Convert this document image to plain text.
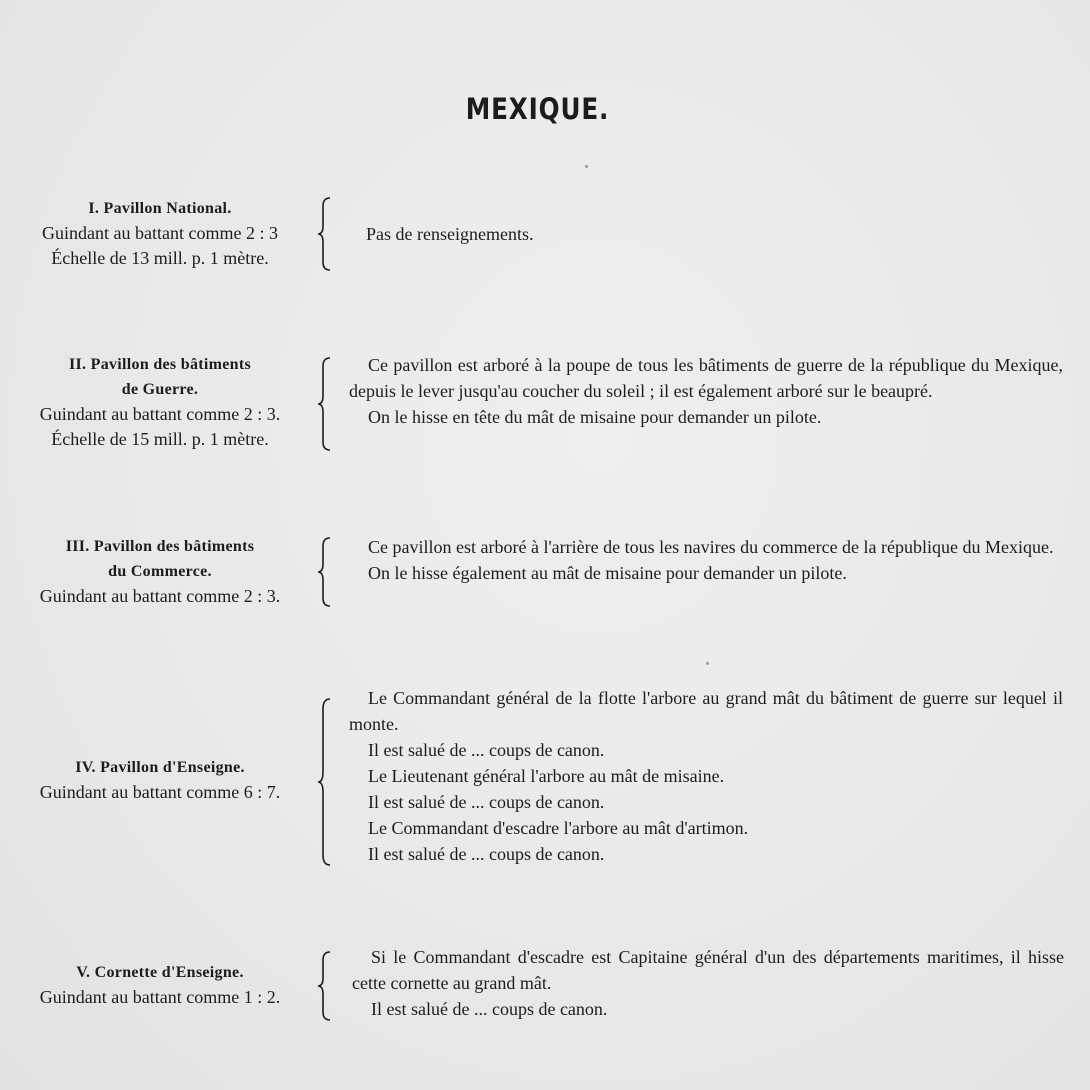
MEXIQUE.
I. Pavillon National.
Guindant au battant comme 2 : 3
Échelle de 13 mill. p. 1 mètre.

Pas de renseignements.

II. Pavillon des bâtiments
de Guerre.
Guindant au battant comme 2 : 3.
Échelle de 15 mill. p. 1 mètre.

Ce pavillon est arboré à la poupe de tous les bâtiments de guerre de la république du Mexique, depuis le lever jusqu'au coucher du soleil ; il est également arboré sur le beaupré.

On le hisse en tête du mât de misaine pour demander un pilote.

III. Pavillon des bâtiments
du Commerce.
Guindant au battant comme 2 : 3.

Ce pavillon est arboré à l'arrière de tous les navires du commerce de la république du Mexique.

On le hisse également au mât de misaine pour demander un pilote.

IV. Pavillon d'Enseigne.
Guindant au battant comme 6 : 7.

Le Commandant général de la flotte l'arbore au grand mât du bâtiment de guerre sur lequel il monte.

Il est salué de ... coups de canon.

Le Lieutenant général l'arbore au mât de misaine.

Il est salué de ... coups de canon.

Le Commandant d'escadre l'arbore au mât d'artimon.

Il est salué de ... coups de canon.

V. Cornette d'Enseigne.
Guindant au battant comme 1 : 2.

Si le Commandant d'escadre est Capitaine général d'un des départements maritimes, il hisse cette cornette au grand mât.

Il est salué de ... coups de canon.
